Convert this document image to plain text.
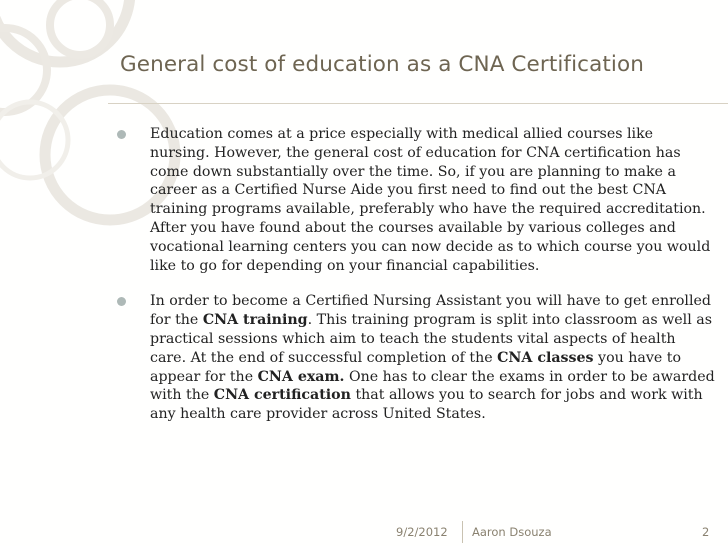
General cost of education as a CNA Certification

Education comes at a price especially with medical allied courses like nursing. However, the general cost of education for CNA certification has come down substantially over the time. So, if you are planning to make a career as a Certified Nurse Aide you first need to find out the best CNA training programs available, preferably who have the required accreditation. After you have found about the courses available by various colleges and vocational learning centers you can now decide as to which course you would like to go for depending on your financial capabilities.

In order to become a Certified Nursing Assistant you will have to get enrolled for the CNA training. This training program is split into classroom as well as practical sessions which aim to teach the students vital aspects of health care. At the end of successful completion of the CNA classes you have to appear for the CNA exam. One has to clear the exams in order to be awarded with the CNA certification that allows you to search for jobs and work with any health care provider across United States.

9/2/2012 Aaron Dsouza	2
